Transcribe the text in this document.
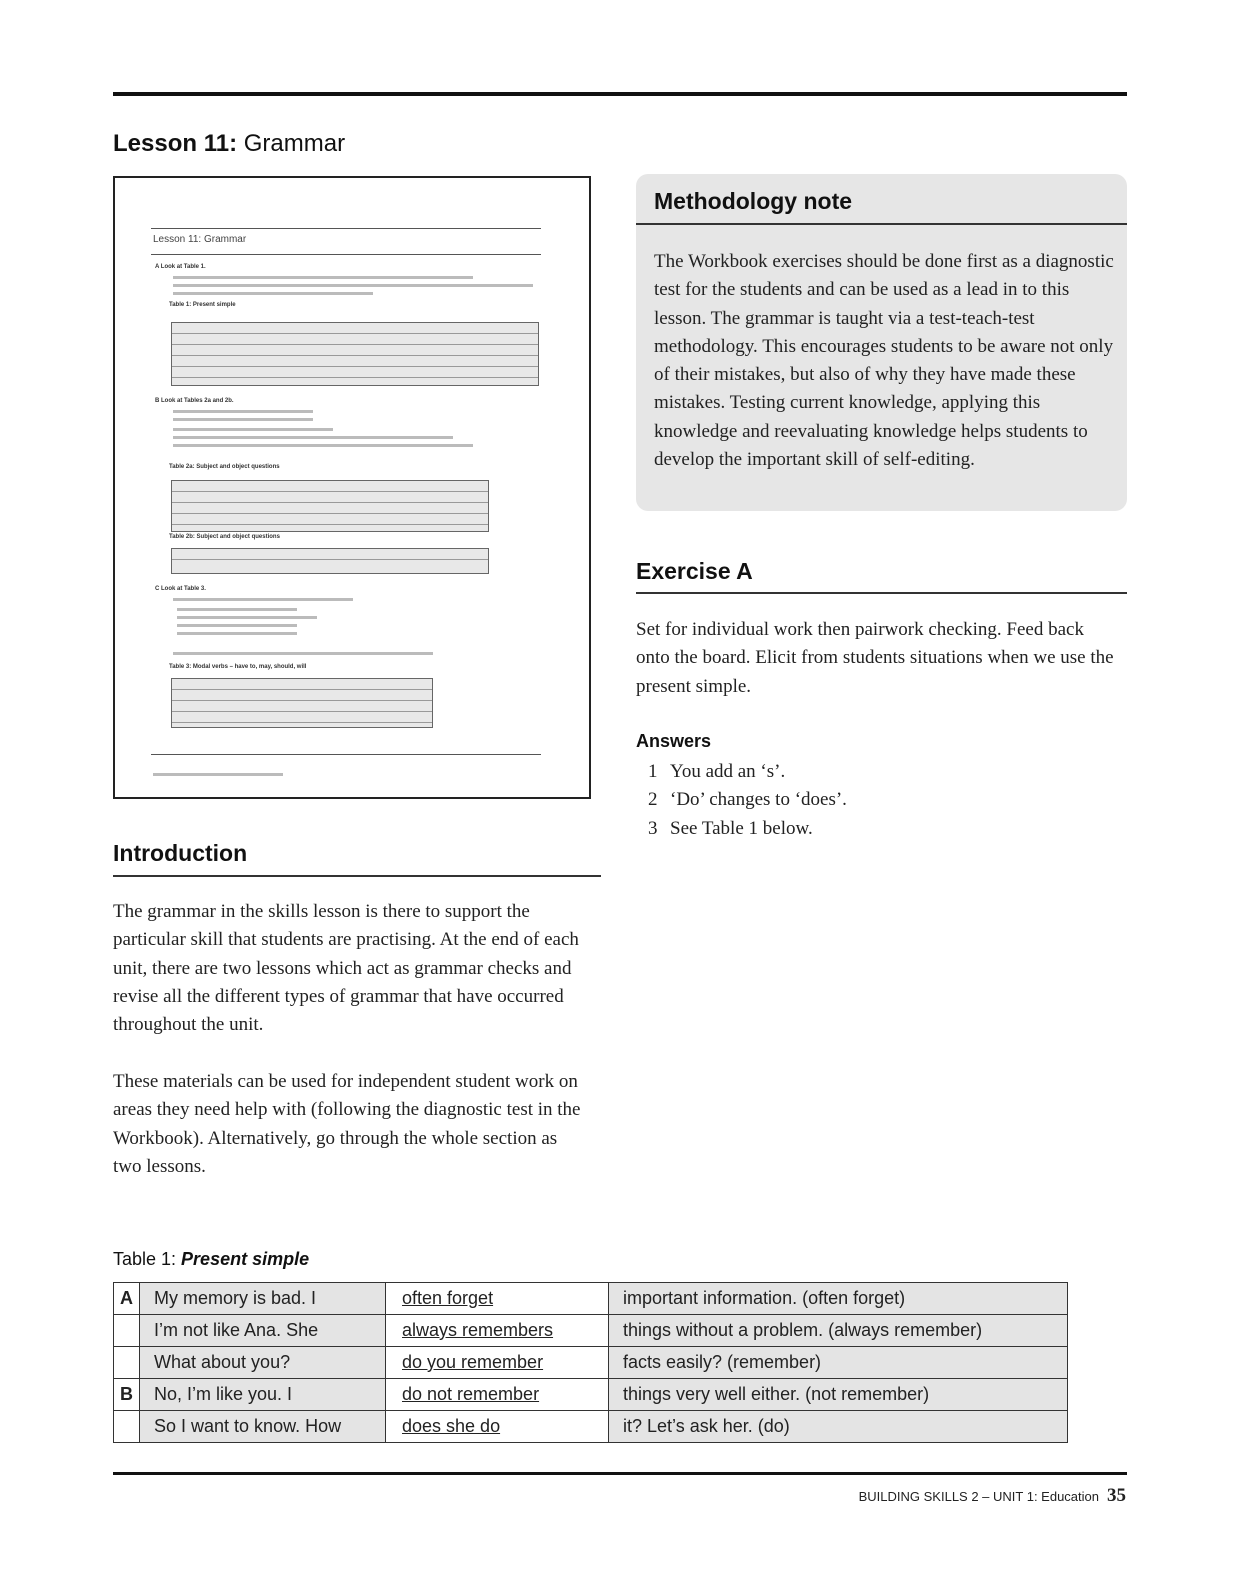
Lesson 11: Grammar
Lesson 11: Grammar
A Look at Table 1.
Table 1: Present simple
B Look at Tables 2a and 2b.
Table 2a: Subject and object questions
Table 2b: Subject and object questions
C Look at Table 3.
Table 3: Modal verbs – have to, may, should, will
Methodology note

The Workbook exercises should be done first as a diagnostic test for the students and can be used as a lead in to this lesson. The grammar is taught via a test-teach-test methodology. This encourages students to be aware not only of their mistakes, but also of why they have made these mistakes. Testing current knowledge, applying this knowledge and reevaluating knowledge helps students to develop the important skill of self-editing.

Exercise A

Set for individual work then pairwork checking. Feed back onto the board. Elicit from students situations when we use the present simple.

Answers
1 You add an ‘s’.
2 ‘Do’ changes to ‘does’.
3 See Table 1 below.
Introduction

The grammar in the skills lesson is there to support the particular skill that students are practising. At the end of each unit, there are two lessons which act as grammar checks and revise all the different types of grammar that have occurred throughout the unit.

These materials can be used for independent student work on areas they need help with (following the diagnostic test in the Workbook). Alternatively, go through the whole section as two lessons.

Table 1: Present simple
A	My memory is bad. I	often forget	important information. (often forget)
	I’m not like Ana. She	always remembers	things without a problem. (always remember)
	What about you?	do you remember	facts easily? (remember)
B	No, I’m like you. I	do not remember	things very well either. (not remember)
	So I want to know. How	does she do	it? Let’s ask her. (do)
BUILDING SKILLS 2 – UNIT 1: Education 35
